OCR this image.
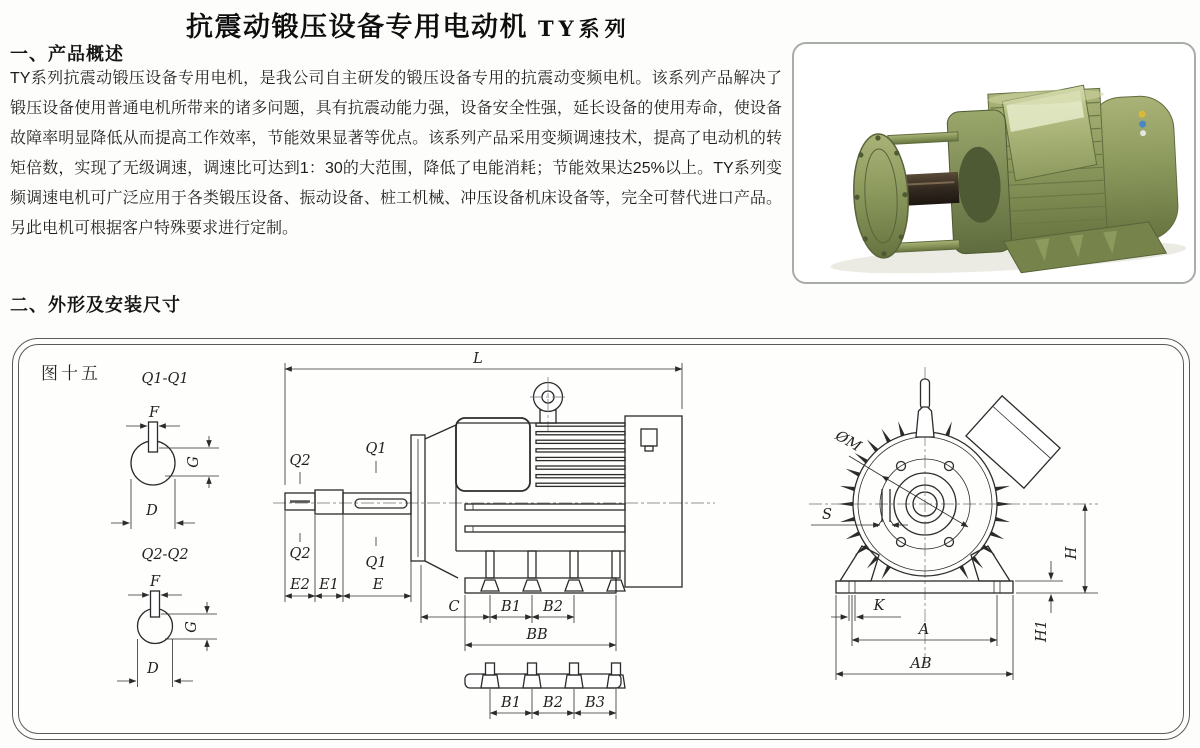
抗震动锻压设备专用电动机 TY系列
一、产品概述

TY系列抗震动锻压设备专用电机，是我公司自主研发的锻压设备专用的抗震动变频电机。该系列产品解决了锻压设备使用普通电机所带来的诸多问题，具有抗震动能力强，设备安全性强，延长设备的使用寿命，使设备故障率明显降低从而提高工作效率，节能效果显著等优点。该系列产品采用变频调速技术，提高了电动机的转矩倍数，实现了无级调速，调速比可达到1：30的大范围，降低了电能消耗；节能效果达25%以上。TY系列变频调速电机可广泛应用于各类锻压设备、振动设备、桩工机械、冲压设备机床设备等，完全可替代进口产品。另此电机可根据客户特殊要求进行定制。

二、外形及安装尺寸
图十五	Q1-Q1
F
G
D
Q2-Q2
F
G
D
L
Q2
Q1
Q2
Q1
E2 E1 E
C	B1 B2
BB
B1 B2 B3
ØM
S
K
A
AB
H
H1
